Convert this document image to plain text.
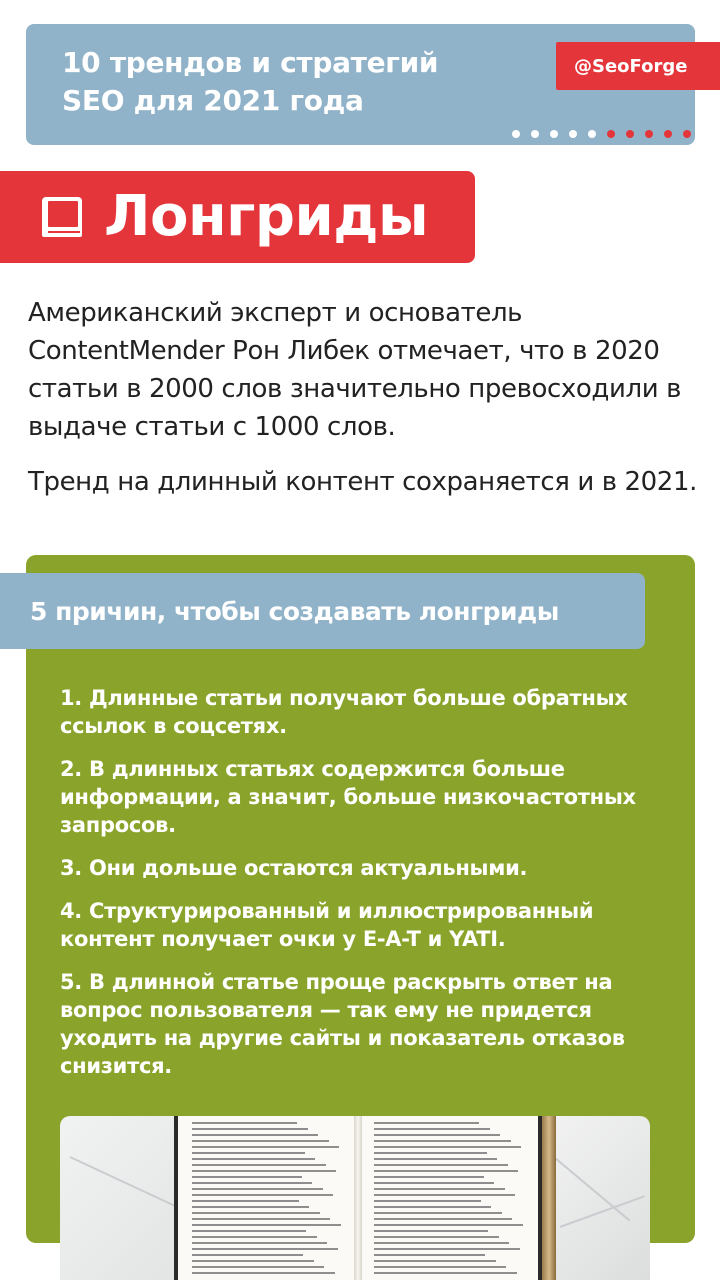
10 трендов и стратегий SEO для 2021 года
@SeoForge
Лонгриды

Американский эксперт и основатель ContentMender Рон Либек отмечает, что в 2020 статьи в 2000 слов значительно превосходили в выдаче статьи с 1000 слов.

Тренд на длинный контент сохраняется и в 2021.

5 причин, чтобы создавать лонгриды
1. Длинные статьи получают больше обратных ссылок в соцсетях.
2. В длинных статьях содержится больше информации, а значит, больше низкочастотных запросов.
3. Они дольше остаются актуальными.
4. Структурированный и иллюстрированный контент получает очки у E-A-T и YATI.
5. В длинной статье проще раскрыть ответ на вопрос пользователя — так ему не придется уходить на другие сайты и показатель отказов снизится.
